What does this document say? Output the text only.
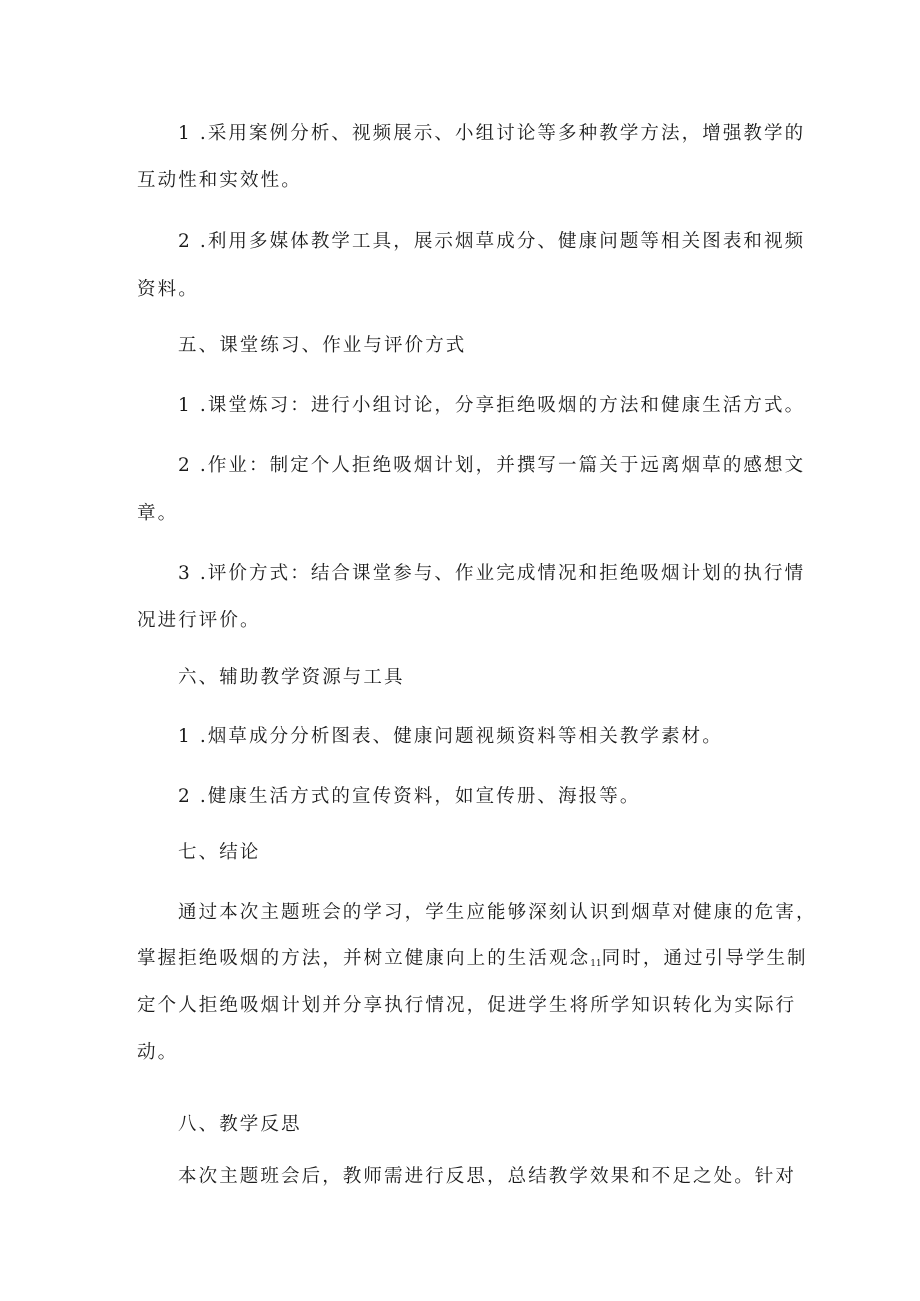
1 .采用案例分析、视频展示、小组讨论等多种教学方法，增强教学的
互动性和实效性。
2 .利用多媒体教学工具，展示烟草成分、健康问题等相关图表和视频
资料。
五、课堂练习、作业与评价方式
1 .课堂炼习：进行小组讨论，分享拒绝吸烟的方法和健康生活方式。
2 .作业：制定个人拒绝吸烟计划，并撰写一篇关于远离烟草的感想文
章。
3 .评价方式：结合课堂参与、作业完成情况和拒绝吸烟计划的执行情
况进行评价。
六、辅助教学资源与工具
1 .烟草成分分析图表、健康问题视频资料等相关教学素材。
2 .健康生活方式的宣传资料，如宣传册、海报等。
七、结论
通过本次主题班会的学习，学生应能够深刻认识到烟草对健康的危害，
掌握拒绝吸烟的方法，并树立健康向上的生活观念$_{11}$同时，通过引导学生制
定个人拒绝吸烟计划并分享执行情况，促进学生将所学知识转化为实际行
动。
八、教学反思
本次主题班会后，教师需进行反思，总结教学效果和不足之处。针对
